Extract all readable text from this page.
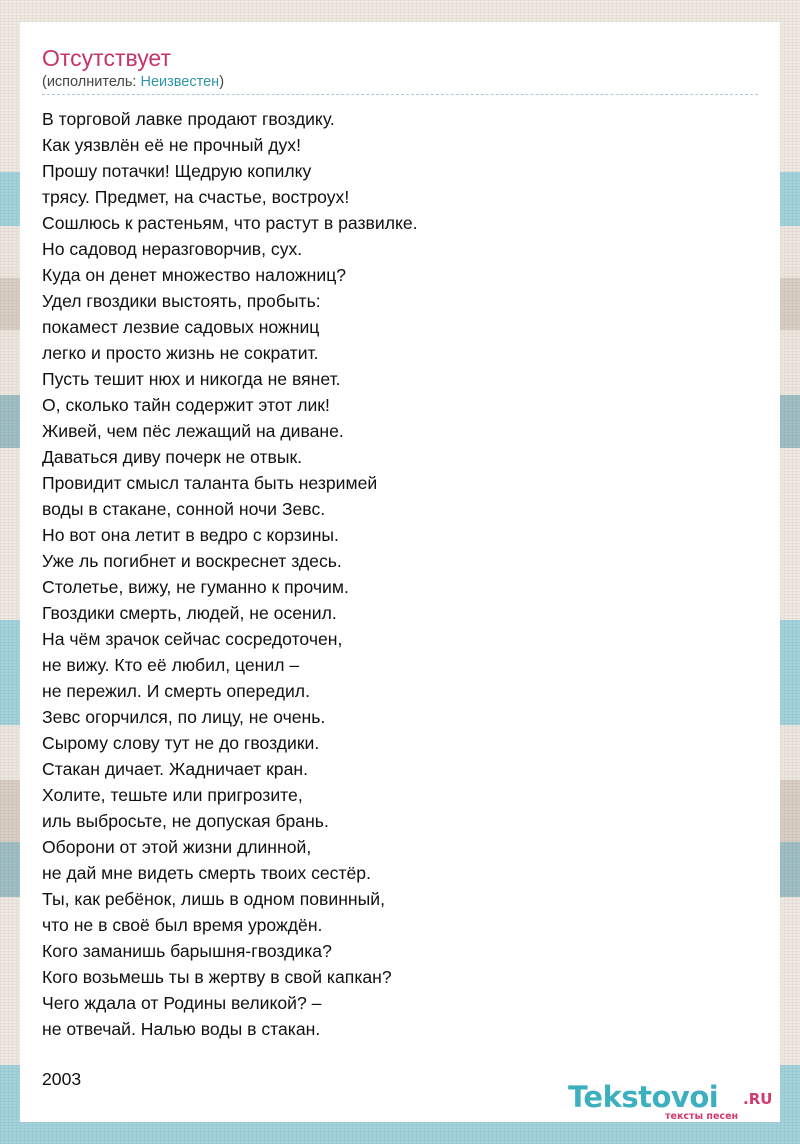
Отсутствует
(исполнитель: Неизвестен)
В торговой лавке продают гвоздику.
Как уязвлён её не прочный дух!
Прошу потачки! Щедрую копилку
трясу. Предмет, на счастье, востроух!
Сошлюсь к растеньям, что растут в развилке.
Но садовод неразговорчив, сух.
Куда он денет множество наложниц?
Удел гвоздики выстоять, пробыть:
покамест лезвие садовых ножниц
легко и просто жизнь не сократит.
Пусть тешит нюх и никогда не вянет.
О, сколько тайн содержит этот лик!
Живей, чем пёс лежащий на диване.
Даваться диву почерк не отвык.
Провидит смысл таланта быть незримей
воды в стакане, сонной ночи Зевс.
Но вот она летит в ведро с корзины.
Уже ль погибнет и воскреснет здесь.
Столетье, вижу, не гуманно к прочим.
Гвоздики смерть, людей, не осенил.
На чём зрачок сейчас сосредоточен,
не вижу. Кто её любил, ценил –
не пережил. И смерть опередил.
Зевс огорчился, по лицу, не очень.
Сырому слову тут не до гвоздики.
Стакан дичает. Жадничает кран.
Холите, тешьте или пригрозите,
иль выбросьте, не допуская брань.
Оборони от этой жизни длинной,
не дай мне видеть смерть твоих сестёр.
Ты, как ребёнок, лишь в одном повинный,
что не в своё был время урождён.
Кого заманишь барышня-гвоздика?
Кого возьмешь ты в жертву в свой капкан?
Чего ждала от Родины великой? –
не отвечай. Налью воды в стакан.
2003
Tekstovoi .RU
тексты песен
